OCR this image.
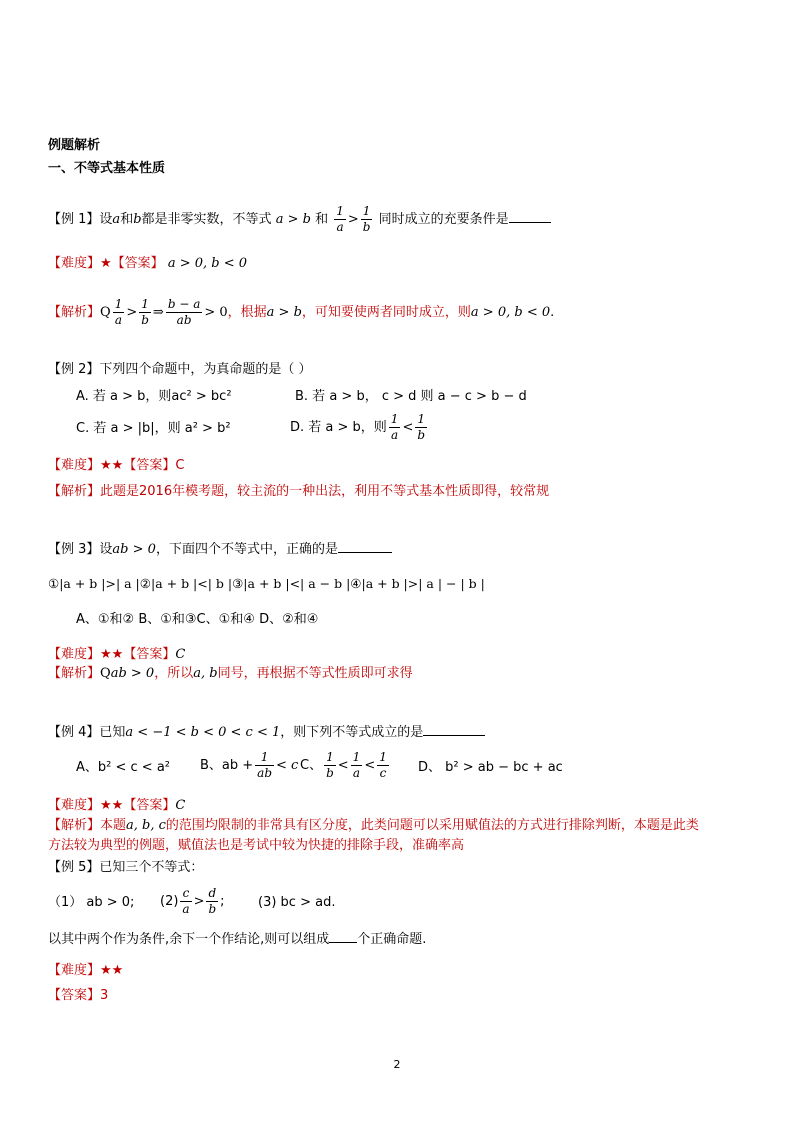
例题解析
一、不等式基本性质
【例 1】设a和b都是非零实数，不等式 a > b 和 $\frac{1}{a} > \frac{1}{b}$ 同时成立的充要条件是
【难度】★【答案】 a > 0, b < 0
【解析】Q $\frac{1}{a} > \frac{1}{b}$ ⇒ $\frac{b - a}{ab} > 0$，根据a > b，可知要使两者同时成立，则a > 0, b < 0.
【例 2】下列四个命题中，为真命题的是（ ）
A. 若 a > b，则ac² > bc²	B. 若 a > b， c > d 则 a − c > b − d
C. 若 a > |b|，则 a² > b²	D. 若 a > b，则 $\frac{1}{a} < \frac{1}{b}$
【难度】★★【答案】C
【解析】此题是2016年模考题，较主流的一种出法，利用不等式基本性质即得，较常规
【例 3】设ab > 0，下面四个不等式中，正确的是
①|a + b |>| a |②|a + b |<| b |③|a + b |<| a − b |④|a + b |>| a | − | b |
A、①和② B、①和③C、①和④ D、②和④
【难度】★★【答案】C
【解析】Qab > 0，所以a, b同号，再根据不等式性质即可求得
【例 4】已知a < −1 < b < 0 < c < 1，则下列不等式成立的是
A、b² < c < a² B、ab + $\frac{1}{ab} < c$ C、 $\frac{1}{b} < \frac{1}{a} < \frac{1}{c}$ D、 b² > ab − bc + ac
【难度】★★【答案】C
【解析】本题a, b, c的范围均限制的非常具有区分度，此类问题可以采用赋值法的方式进行排除判断，本题是此类
方法较为典型的例题，赋值法也是考试中较为快捷的排除手段，准确率高
【例 5】已知三个不等式：
（1） ab > 0; $(2) \frac{c}{a} > \frac{d}{b}$ ;	(3) bc > ad.
以其中两个作为条件,余下一个作结论,则可以组成 个正确命题.
【难度】★★
【答案】3
2
